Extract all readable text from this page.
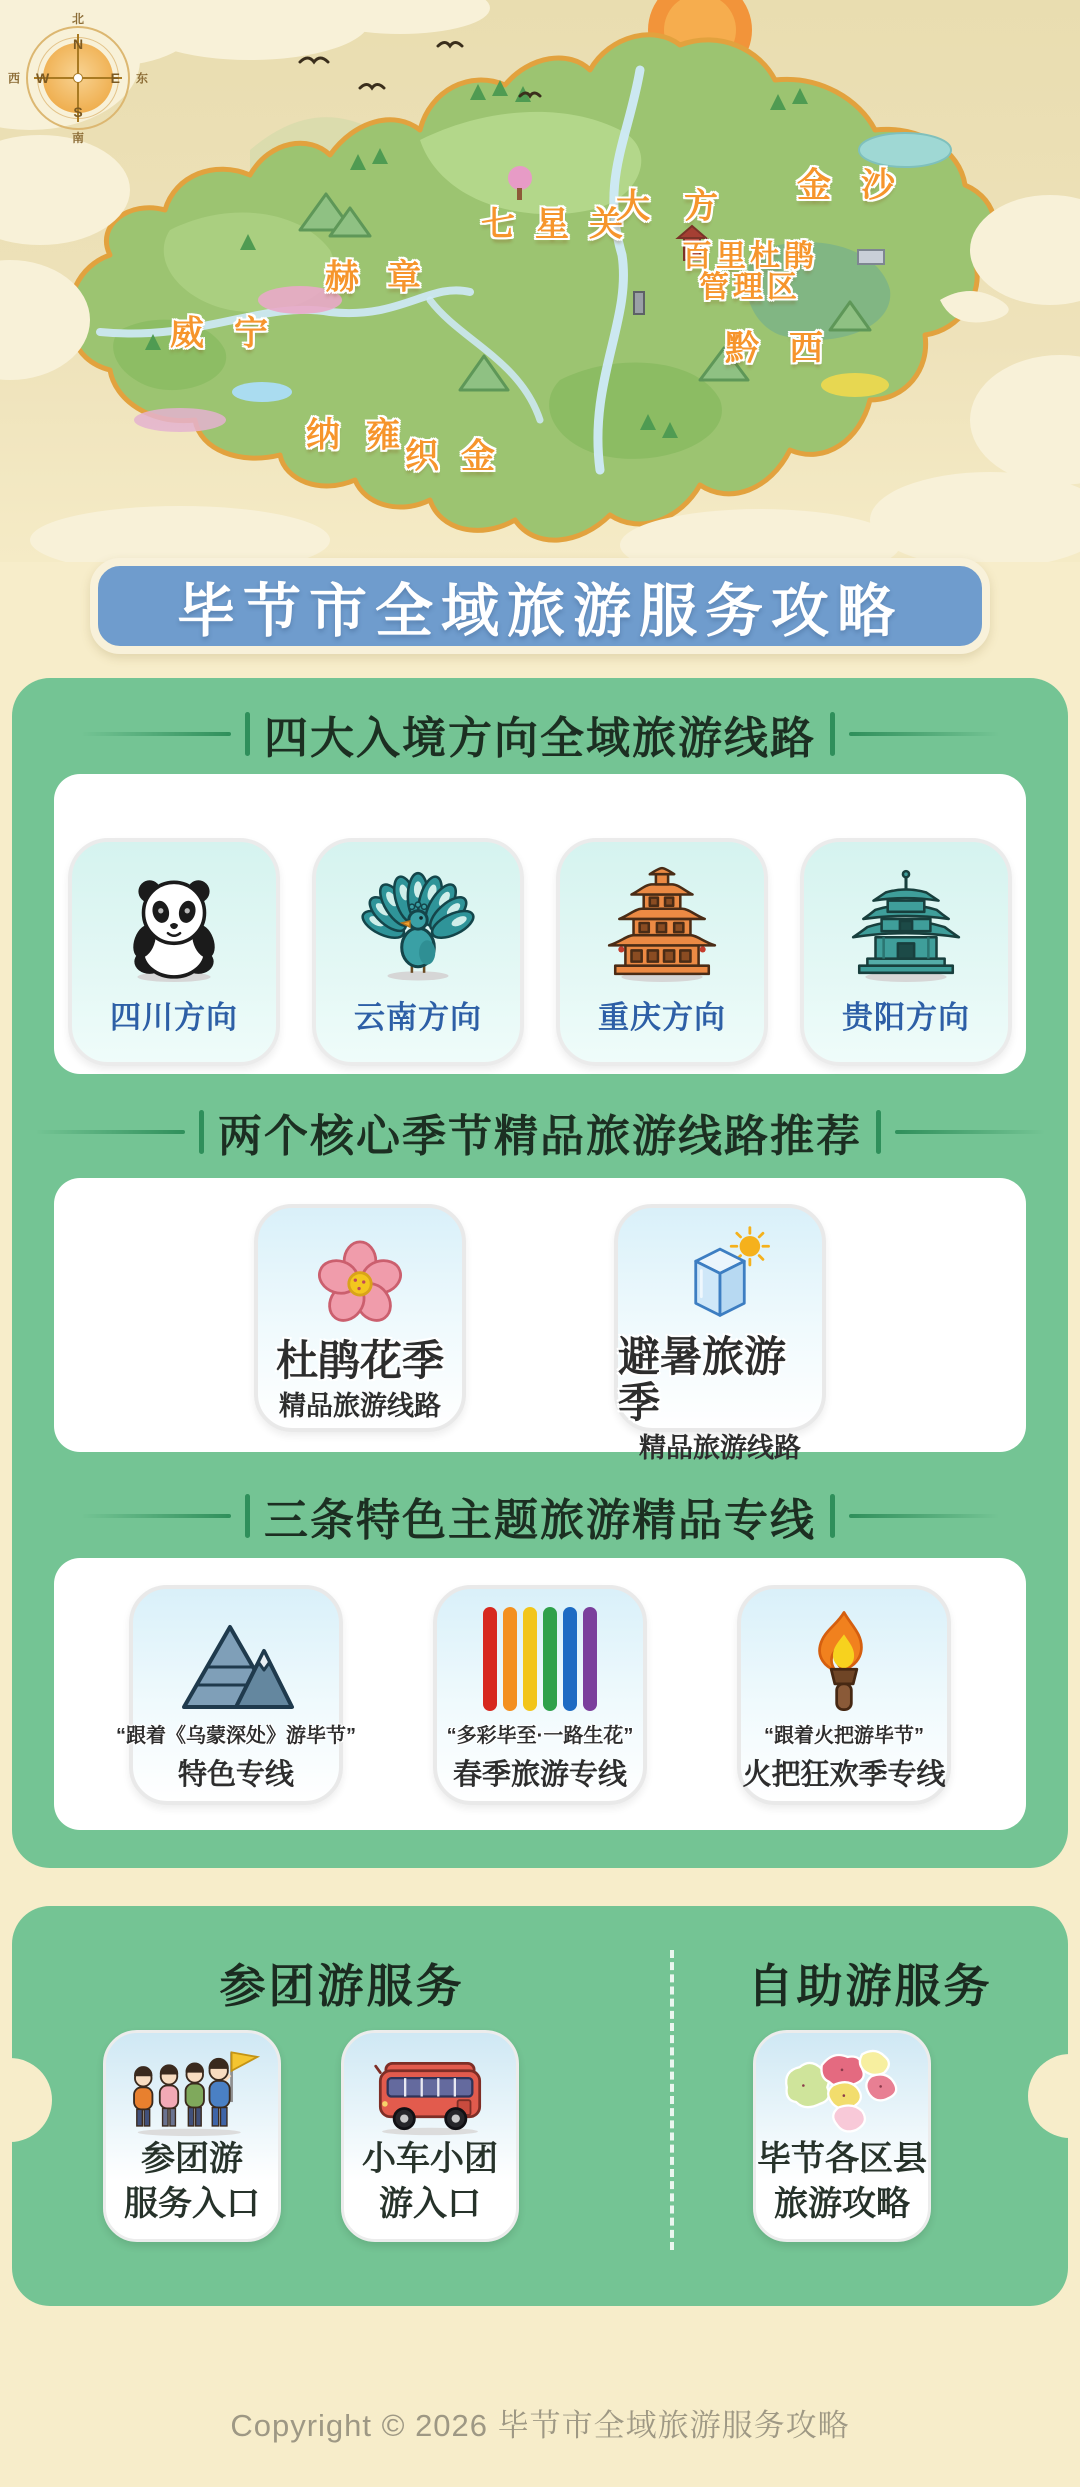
N
E
S
W
北
东
南
西
七星关
大方
金沙
赫章
威宁
纳雍
织金
黔西
百里杜鹃
管理区
毕节市全域旅游服务攻略
四大入境方向全域旅游线路
四川方向	云南方向	重庆方向	贵阳方向
两个核心季节精品旅游线路推荐
杜鹃花季
精品旅游线路
避暑旅游季
精品旅游线路
三条特色主题旅游精品专线
“跟着《乌蒙深处》游毕节”
特色专线
“多彩毕至·一路生花”
春季旅游专线
“跟着火把游毕节”
火把狂欢季专线
参团游服务	自助游服务
参团游
服务入口
小车小团
游入口
毕节各区县
旅游攻略
Copyright © 2026 毕节市全域旅游服务攻略
